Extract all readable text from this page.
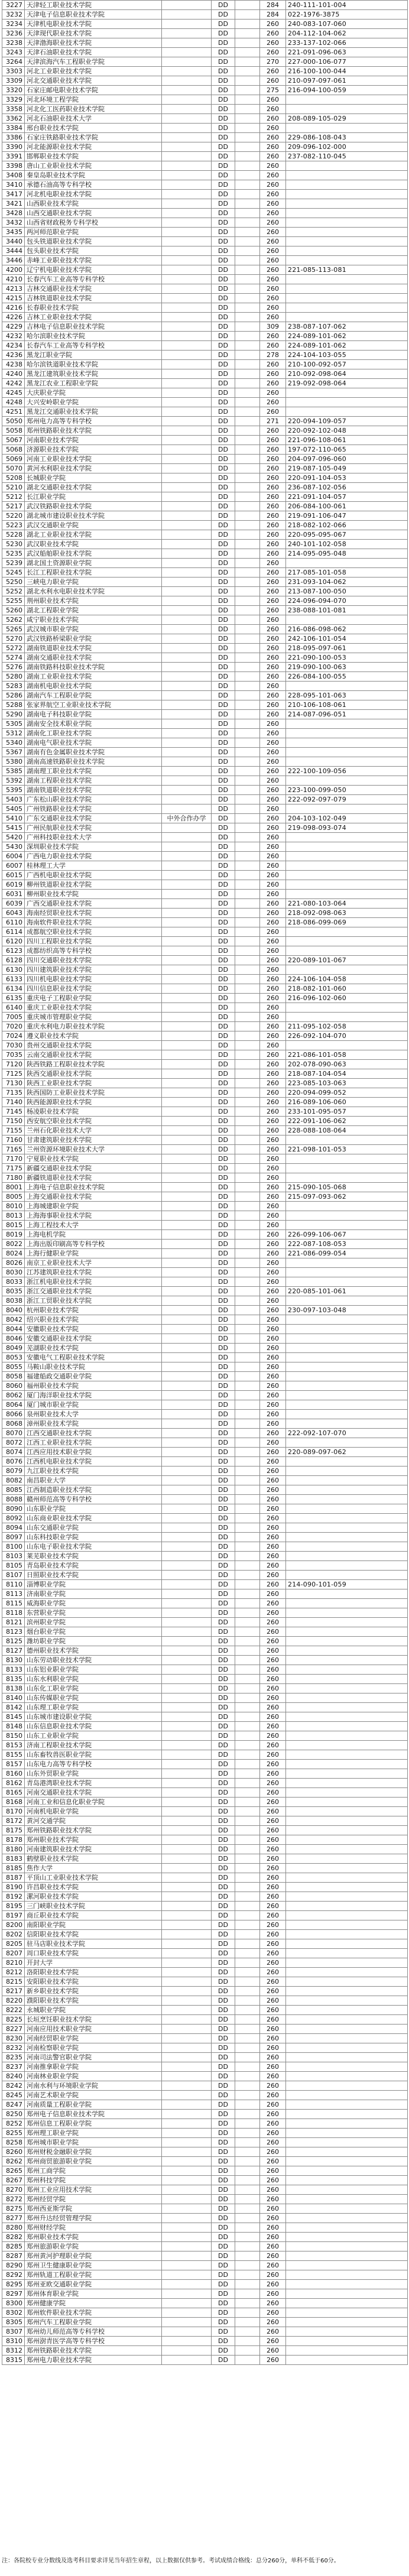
3227	天津轻工职业技术学院		DD		284	240-111-101-004
3232	天津电子信息职业技术学院		DD		284	022-1976-3875
3234	天津机电职业技术学院		DD		260	240-083-107-060
3236	天津现代职业技术学院		DD		260	204-112-104-062
3238	天津渤海职业技术学院		DD		260	233-137-102-066
3243	天津石油职业技术学院		DD		260	221-091-096-063
3264	天津滨海汽车工程职业学院		DD		270	227-000-106-077
3303	河北工业职业技术学院		DD		260	216-100-100-044
3309	河北交通职业技术学院		DD		260	210-097-097-061
3320	石家庄邮电职业技术学院		DD		275	216-094-100-059
3329	河北环境工程学院		DD		260	
3358	河北化工医药职业技术学院		DD		260	
3362	河北石油职业技术大学		DD		260	208-089-105-029
3384	邢台职业技术学院		DD		260	
3386	石家庄铁路职业技术学院		DD		260	229-086-108-043
3390	河北能源职业技术学院		DD		260	209-096-102-000
3391	邯郸职业技术学院		DD		260	237-082-110-045
3398	唐山工业职业技术学院		DD		260	
3408	秦皇岛职业技术学院		DD		260	
3410	承德石油高等专科学校		DD		260	
3417	河北机电职业技术学院		DD		260	
3421	山西职业技术学院		DD		260	
3428	山西交通职业技术学院		DD		260	
3432	山西省财政税务专科学校		DD		260	
3435	两河师范职业学院		DD		260	
3440	包头铁道职业技术学院		DD		260	
3444	包头职业技术学院		DD		260	
3446	赤峰工业职业技术学院		DD		260	
4200	辽宁机电职业技术学院		DD		260	221-085-113-081
4210	长春汽车工业高等专科学校		DD		260	
4213	吉林交通职业技术学院		DD		260	
4215	吉林铁道职业技术学院		DD		260	
4216	长春职业技术学院		DD		260	
4226	吉林工业职业技术学院		DD		260	
4229	吉林电子信息职业技术学院		DD		309	238-087-107-062
4232	哈尔滨职业技术学院		DD		260	224-089-101-062
4234	长春汽车工业高等专科学校		DD		260	224-089-101-062
4236	黑龙江职业学院		DD		278	224-104-103-055
4238	哈尔滨铁道职业技术学院		DD		260	210-100-092-057
4240	黑龙江建筑职业技术学院		DD		260	210-092-098-064
4242	黑龙江农业工程职业学院		DD		260	219-092-098-064
4245	大庆职业学院		DD		260	
4248	大兴安岭职业学院		DD		260	
4251	黑龙江交通职业技术学院		DD		260	
5050	郑州电力高等专科学校		DD		271	220-094-109-057
5058	郑州铁路职业技术学院		DD		260	220-092-102-048
5067	河南职业技术学院		DD		260	221-096-108-061
5068	济源职业技术学院		DD		260	197-072-110-065
5069	河南工业职业技术学院		DD		260	204-097-096-060
5070	黄河水利职业技术学院		DD		260	219-087-105-049
5208	长城职业学院		DD		260	220-091-104-053
5210	湖北交通职业技术学院		DD		260	236-087-102-056
5212	长江职业学院		DD		260	221-091-104-057
5217	武汉铁路职业技术学院		DD		260	206-084-100-061
5220	湖北城市建设职业技术学院		DD		260	219-091-106-047
5223	武汉交通职业学院		DD		260	218-082-102-066
5228	湖北工业职业技术学院		DD		260	220-095-095-067
5230	武汉职业技术学院		DD		260	240-101-102-058
5235	武汉船舶职业技术学院		DD		260	214-095-095-048
5239	湖北国土资源职业学院		DD		260	
5245	长江工程职业技术学院		DD		260	217-085-101-058
5250	三峡电力职业学院		DD		260	231-093-104-062
5252	湖北水利水电职业技术学院		DD		260	213-087-100-050
5255	荆州职业技术学院		DD		260	224-096-094-070
5260	湖北工程职业学院		DD		260	238-088-101-081
5262	咸宁职业技术学院		DD		260	
5265	武汉城市职业学院		DD		260	216-086-098-062
5270	武汉铁路桥梁职业学院		DD		260	242-106-101-054
5272	湖南铁道职业技术学院		DD		260	218-095-097-061
5274	湖南交通职业技术学院		DD		260	221-090-100-053
5276	湖南铁路科技职业技术学院		DD		260	219-090-100-063
5280	湖南工业职业技术学院		DD		260	226-084-100-055
5283	湖南机电职业技术学院		DD		260	
5286	湖南汽车工程职业学院		DD		260	228-095-101-063
5288	张家界航空工业职业技术学院		DD		260	210-106-108-061
5290	湖南电子科技职业学院		DD		260	214-087-096-051
5305	湖南安全技术职业学院		DD		260	
5312	湖南化工职业技术学院		DD		260	
5340	湖南电气职业技术学院		DD		260	
5367	湖南有色金属职业技术学院		DD		260	
5380	湖南高速铁路职业技术学院		DD		260	
5385	湖南理工职业技术学院		DD		260	222-100-109-056
5392	湖南工程职业技术学院		DD		260	
5395	湖南铁道职业技术学院		DD		260	223-100-099-050
5403	广东松山职业技术学院		DD		260	222-092-097-079
5405	广州铁路职业技术学院		DD		260	
5410	广东交通职业技术学院	中外合作办学	DD		260	204-103-102-049
5415	广州民航职业技术学院		DD		260	219-098-093-074
5420	广州科技职业技术大学		DD		260	
5430	深圳职业技术学院		DD		260	
6004	广西电力职业技术学院		DD		260	
6007	桂林理工大学		DD		260	
6015	广西机电职业技术学院		DD		260	
6019	柳州铁道职业技术学院		DD		260	
6031	柳州职业技术学院		DD		260	
6039	广西交通职业技术学院		DD		260	221-080-103-064
6043	海南经贸职业技术学院		DD		260	218-092-098-063
6110	海南软件职业技术学院		DD		260	218-086-099-069
6114	成都航空职业技术学院		DD		260	
6120	四川工程职业技术学院		DD		260	
6123	成都纺织高等专科学校		DD		260	
6128	四川交通职业技术学院		DD		260	220-089-101-067
6130	四川建筑职业技术学院		DD		260	
6133	四川机电职业技术学院		DD		260	224-106-104-058
6134	四川信息职业技术学院		DD		260	218-082-101-060
6135	重庆电子工程职业学院		DD		260	216-096-102-060
6140	重庆工业职业技术学院		DD		260	
7005	重庆城市管理职业学院		DD		260	
7020	重庆水利电力职业技术学院		DD		260	211-095-102-058
7024	遵义职业技术学院		DD		260	226-092-104-070
7030	贵州交通职业技术学院		DD		260	
7035	云南交通职业技术学院		DD		260	221-086-101-058
7120	陕西铁路工程职业技术学院		DD		260	202-078-090-063
7125	陕西交通职业技术学院		DD		260	218-087-104-054
7130	陕西工业职业技术学院		DD		260	223-085-103-063
7135	陕西国防工业职业技术学院		DD		260	220-094-099-052
7140	陕西能源职业技术学院		DD		260	216-089-106-060
7145	杨凌职业技术学院		DD		260	233-101-095-057
7150	西安航空职业技术学院		DD		260	222-091-106-062
7155	兰州石化职业技术大学		DD		260	228-088-108-064
7160	甘肃建筑职业技术学院		DD		260	
7165	兰州资源环境职业技术大学		DD		260	221-098-101-053
7170	宁夏职业技术学院		DD		260	
7175	新疆交通职业技术学院		DD		260	
7180	新疆铁道职业技术学院		DD		260	
8001	上海电子信息职业技术学院		DD		260	215-090-105-068
8005	上海交通职业技术学院		DD		260	215-097-093-062
8010	上海城建职业学院		DD		260	
8013	上海海事职业技术学院		DD		260	
8015	上海工程技术大学		DD		260	
8019	上海电机学院		DD		260	226-099-106-067
8022	上海出版印刷高等专科学校		DD		260	222-087-108-053
8024	上海行健职业学院		DD		260	221-086-099-054
8026	南京工业职业技术大学		DD		260	
8030	江苏建筑职业技术学院		DD		260	
8033	浙江机电职业技术学院		DD		260	
8035	浙江交通职业技术学院		DD		260	220-085-101-061
8038	浙江工贸职业技术学院		DD		260	
8040	杭州职业技术学院		DD		260	230-097-103-048
8042	绍兴职业技术学院		DD		260	
8044	安徽职业技术学院		DD		260	
8046	安徽交通职业技术学院		DD		260	
8049	芜湖职业技术学院		DD		260	
8053	安徽电气工程职业技术学院		DD		260	
8055	马鞍山职业技术学院		DD		260	
8058	福建船政交通职业学院		DD		260	
8060	福州职业技术学院		DD		260	
8062	厦门海洋职业技术学院		DD		260	
8064	厦门城市职业学院		DD		260	
8066	泉州职业技术大学		DD		260	
8068	漳州职业技术学院		DD		260	
8070	江西交通职业技术学院		DD		260	222-092-107-070
8072	江西工业职业技术学院		DD		260	
8074	江西应用技术职业学院		DD		260	220-089-097-062
8076	江西机电职业技术学院		DD		260	
8079	九江职业技术学院		DD		260	
8082	南昌职业大学		DD		260	
8085	江西制造职业技术学院		DD		260	
8088	赣州师范高等专科学校		DD		260	
8090	山东职业学院		DD		260	
8092	山东商业职业技术学院		DD		260	
8094	山东交通职业学院		DD		260	
8097	山东科技职业学院		DD		260	
8100	山东电子职业技术学院		DD		260	
8103	莱芜职业技术学院		DD		260	
8105	青岛职业技术学院		DD		260	
8107	日照职业技术学院		DD		260	
8110	淄博职业学院		DD		260	214-090-101-059
8113	济南职业学院		DD		260	
8115	威海职业学院		DD		260	
8118	东营职业学院		DD		260	
8121	滨州职业学院		DD		260	
8123	烟台职业学院		DD		260	
8125	潍坊职业学院		DD		260	
8127	德州职业技术学院		DD		260	
8130	山东劳动职业技术学院		DD		260	
8133	山东铝业职业学院		DD		260	
8135	山东水利职业学院		DD		260	
8138	山东化工职业学院		DD		260	
8140	山东传媒职业学院		DD		260	
8142	山东理工职业学院		DD		260	
8145	山东城市建设职业学院		DD		260	
8148	山东信息职业技术学院		DD		260	
8150	山东工业职业学院		DD		260	
8153	济南工程职业技术学院		DD		260	
8155	山东畜牧兽医职业学院		DD		260	
8157	山东电力高等专科学校		DD		260	
8160	山东外贸职业学院		DD		260	
8162	青岛港湾职业技术学院		DD		260	
8165	河南交通职业技术学院		DD		260	
8168	河南工业和信息化职业学院		DD		260	
8170	河南机电职业学院		DD		260	
8172	黄河交通学院		DD		260	
8175	郑州铁路职业技术学院		DD		260	
8178	郑州职业技术学院		DD		260	
8180	河南建筑职业技术学院		DD		260	
8183	鹤壁职业技术学院		DD		260	
8185	焦作大学		DD		260	
8187	平顶山工业职业技术学院		DD		260	
8190	许昌职业技术学院		DD		260	
8192	漯河职业技术学院		DD		260	
8195	三门峡职业技术学院		DD		260	
8197	商丘职业技术学院		DD		260	
8200	南阳职业学院		DD		260	
8202	信阳职业技术学院		DD		260	
8205	驻马店职业技术学院		DD		260	
8207	周口职业技术学院		DD		260	
8210	开封大学		DD		260	
8212	洛阳职业技术学院		DD		260	
8215	安阳职业技术学院		DD		260	
8217	新乡职业技术学院		DD		260	
8220	濮阳职业技术学院		DD		260	
8222	永城职业学院		DD		260	
8225	长垣烹饪职业技术学院		DD		260	
8227	河南应用技术职业学院		DD		260	
8230	河南经贸职业学院		DD		260	
8232	河南检察职业学院		DD		260	
8235	河南司法警官职业学院		DD		260	
8237	河南推拿职业学院		DD		260	
8240	河南林业职业学院		DD		260	
8242	河南水利与环境职业学院		DD		260	
8245	河南艺术职业学院		DD		260	
8247	河南质量工程职业学院		DD		260	
8250	郑州电子信息职业技术学院		DD		260	
8252	郑州信息工程职业学院		DD		260	
8255	郑州理工职业学院		DD		260	
8258	郑州城市职业学院		DD		260	
8260	郑州财税金融职业学院		DD		260	
8262	郑州商贸旅游职业学院		DD		260	
8265	郑州工商学院		DD		260	
8267	郑州科技学院		DD		260	
8270	郑州工业应用技术学院		DD		260	
8272	郑州经贸学院		DD		260	
8275	郑州西亚斯学院		DD		260	
8277	郑州升达经贸管理学院		DD		260	
8280	郑州财经学院		DD		260	
8282	郑州职业技术学院		DD		260	
8285	郑州旅游职业学院		DD		260	
8287	郑州黄河护理职业学院		DD		260	
8290	郑州卫生健康职业学院		DD		260	
8292	郑州轨道工程职业学院		DD		260	
8295	郑州亚欧交通职业学院		DD		260	
8297	郑州体育职业学院		DD		260	
8300	郑州健康学院		DD		260	
8302	郑州软件职业技术学院		DD		260	
8305	郑州汽车工程职业学院		DD		260	
8307	郑州幼儿师范高等专科学校		DD		260	
8310	郑州澍青医学高等专科学校		DD		260	
8312	郑州铁路职业技术学院		DD		260	
8315	郑州电力职业技术学院		DD		260	
注：各院校专业分数线及选考科目要求详见当年招生章程，以上数据仅供参考。考试成绩合格线：总分260分，单科不低于60分。
